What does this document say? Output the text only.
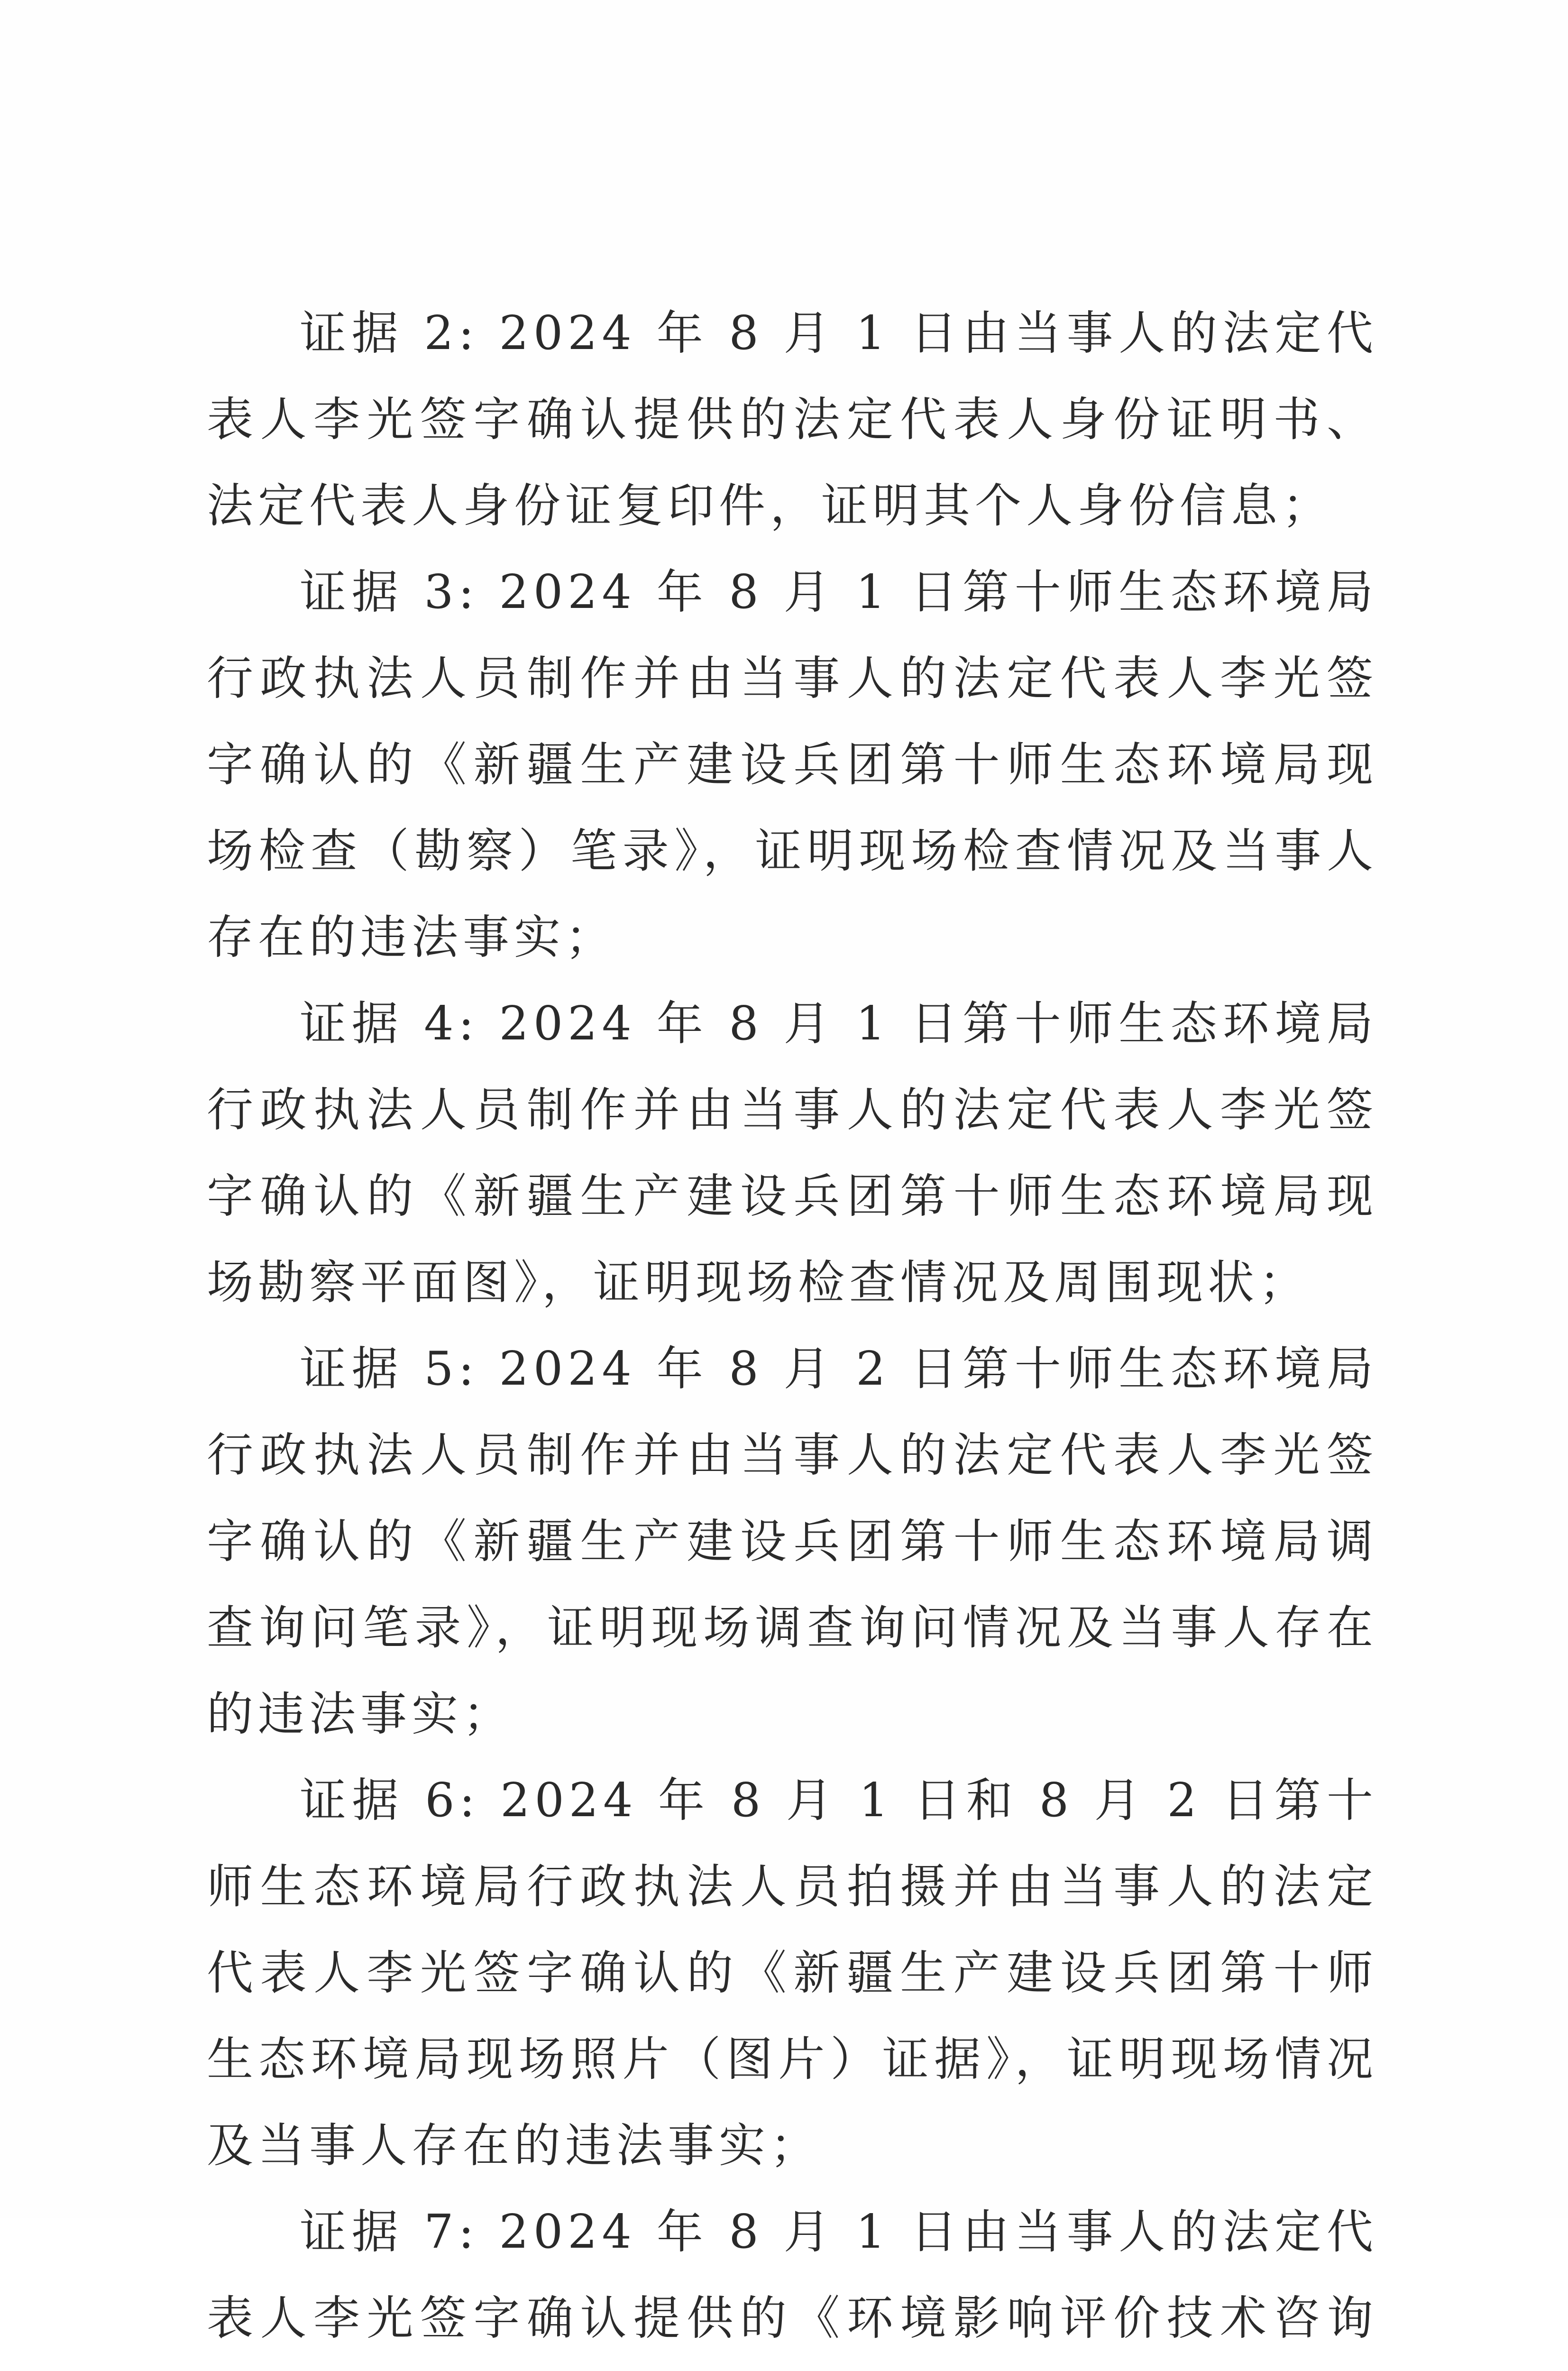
证据 2: 2024 年 8 月 1 日由当事人的法定代表人李光签字确认提供的法定代表人身份证明书、法定代表人身份证复印件，证明其个人身份信息；

证据 3: 2024 年 8 月 1 日第十师生态环境局行政执法人员制作并由当事人的法定代表人李光签字确认的《新疆生产建设兵团第十师生态环境局现场检查（勘察）笔录》，证明现场检查情况及当事人存在的违法事实；

证据 4: 2024 年 8 月 1 日第十师生态环境局行政执法人员制作并由当事人的法定代表人李光签字确认的《新疆生产建设兵团第十师生态环境局现场勘察平面图》，证明现场检查情况及周围现状；

证据 5: 2024 年 8 月 2 日第十师生态环境局行政执法人员制作并由当事人的法定代表人李光签字确认的《新疆生产建设兵团第十师生态环境局调查询问笔录》，证明现场调查询问情况及当事人存在的违法事实；

证据 6: 2024 年 8 月 1 日和 8 月 2 日第十师生态环境局行政执法人员拍摄并由当事人的法定代表人李光签字确认的《新疆生产建设兵团第十师生态环境局现场照片（图片）证据》，证明现场情况及当事人存在的违法事实；

证据 7: 2024 年 8 月 1 日由当事人的法定代表人李光签字确认提供的《环境影响评价技术咨询
